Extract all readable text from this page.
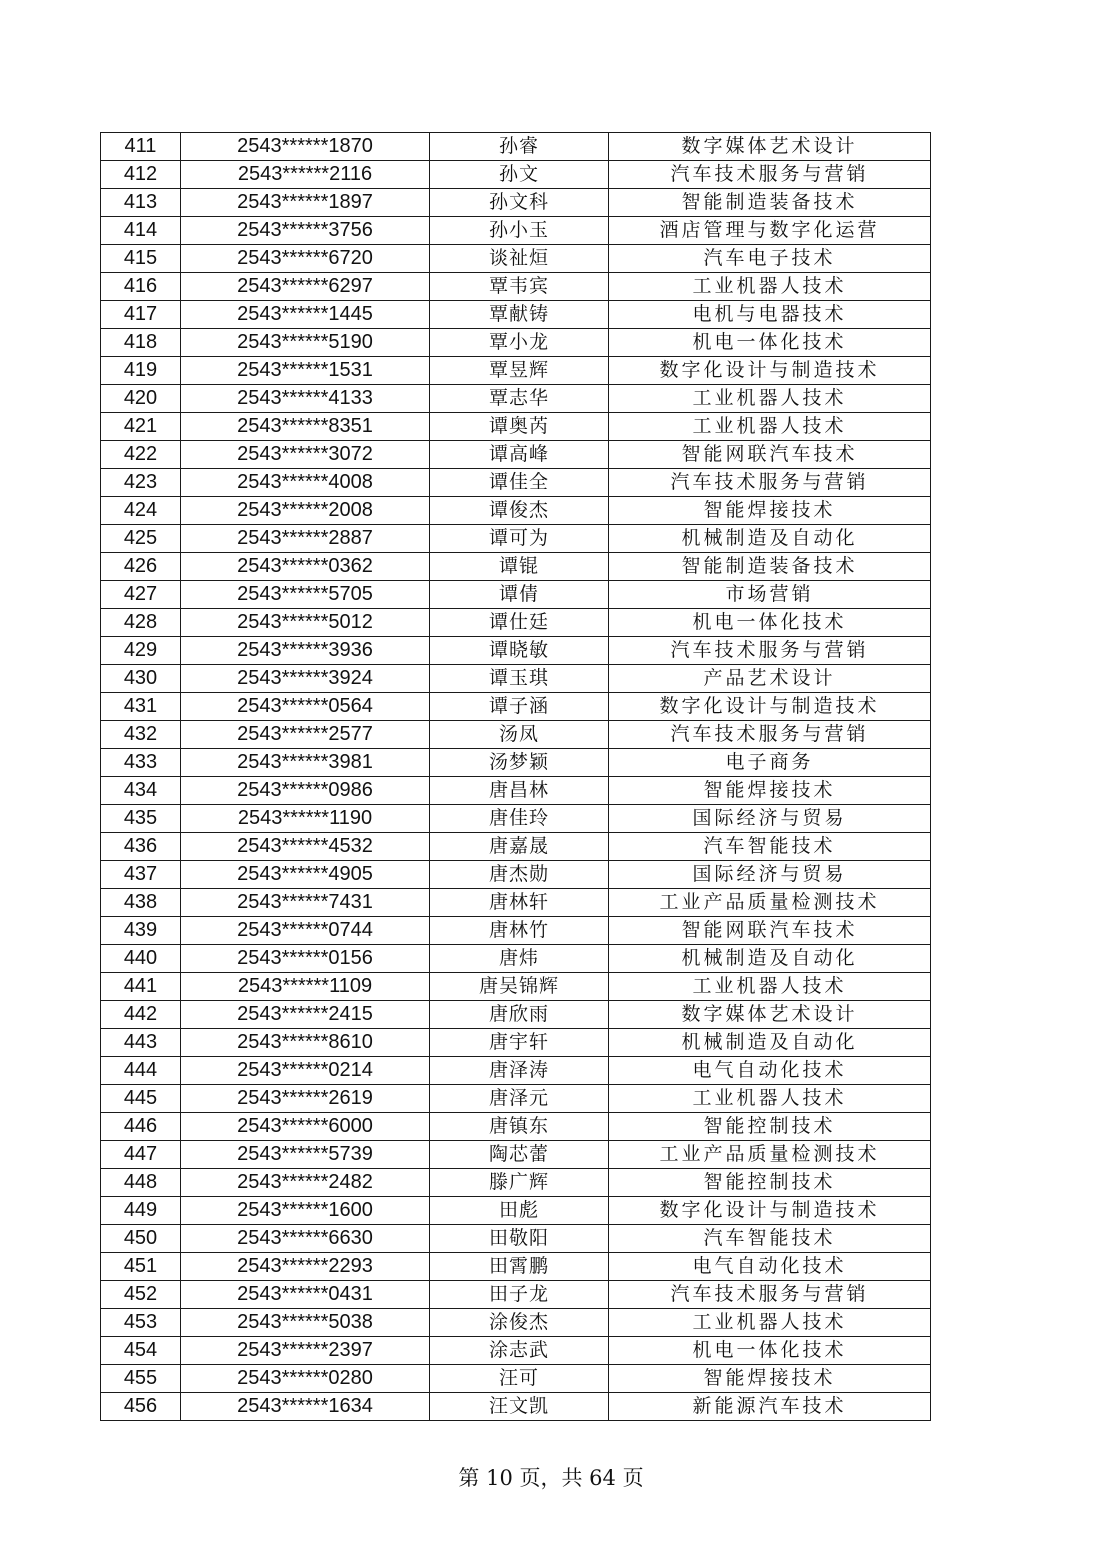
411	2543******1870	孙睿	数字媒体艺术设计
412	2543******2116	孙文	汽车技术服务与营销
413	2543******1897	孙文科	智能制造装备技术
414	2543******3756	孙小玉	酒店管理与数字化运营
415	2543******6720	谈祉烜	汽车电子技术
416	2543******6297	覃韦宾	工业机器人技术
417	2543******1445	覃献铸	电机与电器技术
418	2543******5190	覃小龙	机电一体化技术
419	2543******1531	覃昱辉	数字化设计与制造技术
420	2543******4133	覃志华	工业机器人技术
421	2543******8351	谭奥芮	工业机器人技术
422	2543******3072	谭高峰	智能网联汽车技术
423	2543******4008	谭佳全	汽车技术服务与营销
424	2543******2008	谭俊杰	智能焊接技术
425	2543******2887	谭可为	机械制造及自动化
426	2543******0362	谭锟	智能制造装备技术
427	2543******5705	谭倩	市场营销
428	2543******5012	谭仕廷	机电一体化技术
429	2543******3936	谭晓敏	汽车技术服务与营销
430	2543******3924	谭玉琪	产品艺术设计
431	2543******0564	谭子涵	数字化设计与制造技术
432	2543******2577	汤凤	汽车技术服务与营销
433	2543******3981	汤梦颖	电子商务
434	2543******0986	唐昌林	智能焊接技术
435	2543******1190	唐佳玲	国际经济与贸易
436	2543******4532	唐嘉晟	汽车智能技术
437	2543******4905	唐杰勋	国际经济与贸易
438	2543******7431	唐林轩	工业产品质量检测技术
439	2543******0744	唐林竹	智能网联汽车技术
440	2543******0156	唐炜	机械制造及自动化
441	2543******1109	唐吴锦辉	工业机器人技术
442	2543******2415	唐欣雨	数字媒体艺术设计
443	2543******8610	唐宇轩	机械制造及自动化
444	2543******0214	唐泽涛	电气自动化技术
445	2543******2619	唐泽元	工业机器人技术
446	2543******6000	唐镇东	智能控制技术
447	2543******5739	陶芯蕾	工业产品质量检测技术
448	2543******2482	滕广辉	智能控制技术
449	2543******1600	田彪	数字化设计与制造技术
450	2543******6630	田敬阳	汽车智能技术
451	2543******2293	田霄鹏	电气自动化技术
452	2543******0431	田子龙	汽车技术服务与营销
453	2543******5038	涂俊杰	工业机器人技术
454	2543******2397	涂志武	机电一体化技术
455	2543******0280	汪可	智能焊接技术
456	2543******1634	汪文凯	新能源汽车技术
第 10 页，共 64 页
